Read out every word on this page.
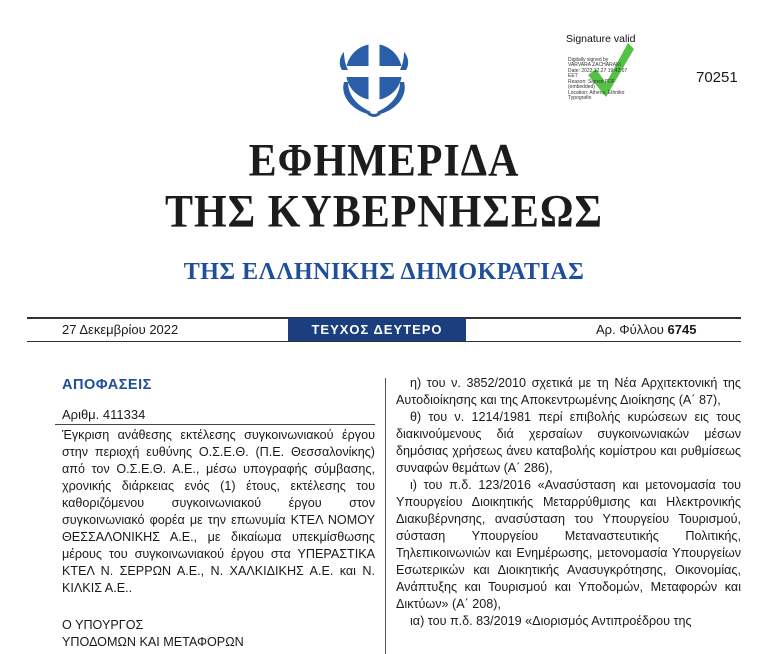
Signature valid
Digitally signed by
VARVARA ZACHARAKI
Date: 2022.12.27 19:42:07
EET
Reason: Signed PDF
(embedded)
Location: Athens, Ethniko
Typografio
70251
ΕΦΗΜΕΡΙΔΑ
ΤΗΣ ΚΥΒΕΡΝΗΣΕΩΣ
ΤΗΣ ΕΛΛΗΝΙΚΗΣ ΔΗΜΟΚΡΑΤΙΑΣ
27 Δεκεμβρίου 2022	ΤΕΥΧΟΣ ΔΕΥΤΕΡΟ	Αρ. Φύλλου 6745
ΑΠΟΦΑΣΕΙΣ
Αριθμ. 411334
Έγκριση ανάθεσης εκτέλεσης συγκοινωνιακού έργου στην περιοχή ευθύνης Ο.Σ.Ε.Θ. (Π.Ε. Θεσσαλονίκης) από τον Ο.Σ.Ε.Θ. Α.Ε., μέσω υπογραφής σύμβασης, χρονικής διάρκειας ενός (1) έτους, εκτέλεσης του καθοριζόμενου συγκοινωνιακού έργου στον συγκοινωνιακό φορέα με την επωνυμία ΚΤΕΛ ΝΟΜΟΥ ΘΕΣΣΑΛΟΝΙΚΗΣ Α.Ε., με δικαίωμα υπεκμίσθωσης μέρους του συγκοινωνιακού έργου στα ΥΠΕΡΑΣΤΙΚΑ ΚΤΕΛ Ν. ΣΕΡΡΩΝ Α.Ε., Ν. ΧΑΛΚΙΔΙΚΗΣ Α.Ε. και Ν. ΚΙΛΚΙΣ Α.Ε..
Ο ΥΠΟΥΡΓΟΣ
ΥΠΟΔΟΜΩΝ ΚΑΙ ΜΕΤΑΦΟΡΩΝ

η) του ν. 3852/2010 σχετικά με τη Νέα Αρχιτεκτονική της Αυτοδιοίκησης και της Αποκεντρωμένης Διοίκησης (Α΄ 87),

θ) του ν. 1214/1981 περί επιβολής κυρώσεων εις τους διακινούμενους διά χερσαίων συγκοινωνιακών μέσων δημόσιας χρήσεως άνευ καταβολής κομίστρου και ρυθμίσεως συναφών θεμάτων (Α΄ 286),

ι) του π.δ. 123/2016 «Ανασύσταση και μετονομασία του Υπουργείου Διοικητικής Μεταρρύθμισης και Ηλεκτρονικής Διακυβέρνησης, ανασύσταση του Υπουργείου Τουρισμού, σύσταση Υπουργείου Μεταναστευτικής Πολιτικής, Τηλεπικοινωνιών και Ενημέρωσης, μετονομασία Υπουργείων Εσωτερικών και Διοικητικής Ανασυγκρότησης, Οικονομίας, Ανάπτυξης και Τουρισμού και Υποδομών, Μεταφορών και Δικτύων» (Α΄ 208),

ια) του π.δ. 83/2019 «Διορισμός Αντιπροέδρου της
